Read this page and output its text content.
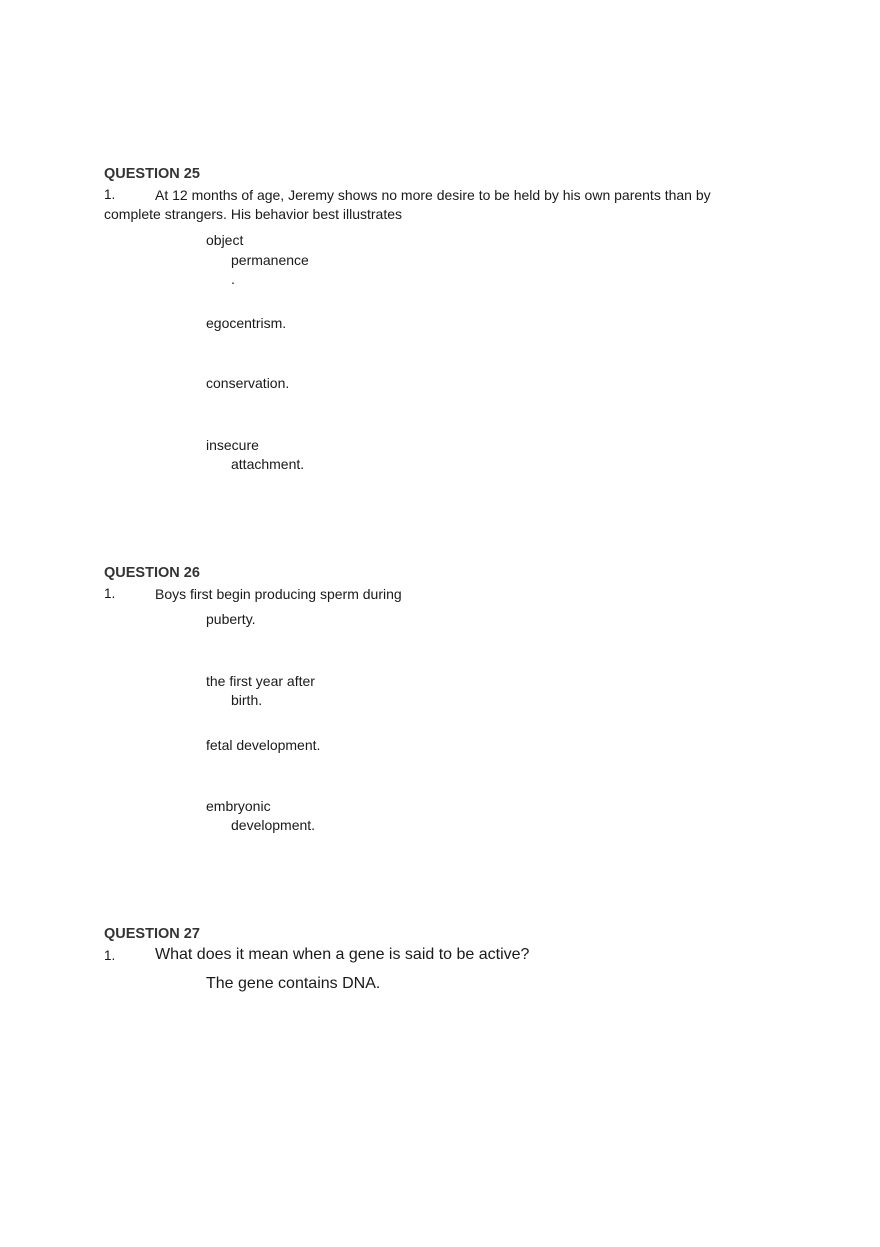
QUESTION 25
1.	At 12 months of age, Jeremy shows no more desire to be held by his own parents than by
complete strangers. His behavior best illustrates
object
permanence
.
egocentrism.
conservation.
insecure
attachment.
QUESTION 26
1.	Boys first begin producing sperm during
puberty.
the first year after
birth.
fetal development.
embryonic
development.
QUESTION 27
1. What does it mean when a gene is said to be active?
The gene contains DNA.
